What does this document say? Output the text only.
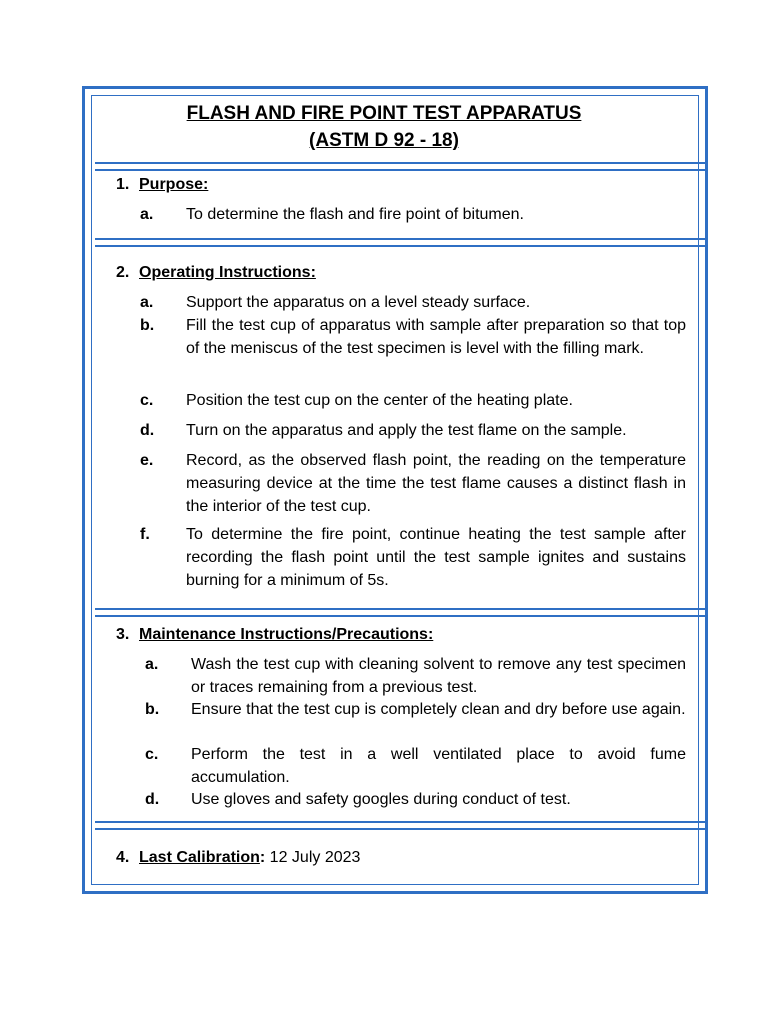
FLASH AND FIRE POINT TEST APPARATUS
(ASTM D 92 - 18)
1. Purpose:
a. To determine the flash and fire point of bitumen.
2. Operating Instructions:
a. Support the apparatus on a level steady surface.
b. Fill the test cup of apparatus with sample after preparation so that top of the meniscus of the test specimen is level with the filling mark.
c. Position the test cup on the center of the heating plate.
d. Turn on the apparatus and apply the test flame on the sample.
e. Record, as the observed flash point, the reading on the temperature measuring device at the time the test flame causes a distinct flash in the interior of the test cup.
f. To determine the fire point, continue heating the test sample after recording the flash point until the test sample ignites and sustains burning for a minimum of 5s.
3. Maintenance Instructions/Precautions:
a. Wash the test cup with cleaning solvent to remove any test specimen or traces remaining from a previous test.
b. Ensure that the test cup is completely clean and dry before use again.
c. Perform the test in a well ventilated place to avoid fume accumulation.
d. Use gloves and safety googles during conduct of test.
4. Last Calibration: 12 July 2023
